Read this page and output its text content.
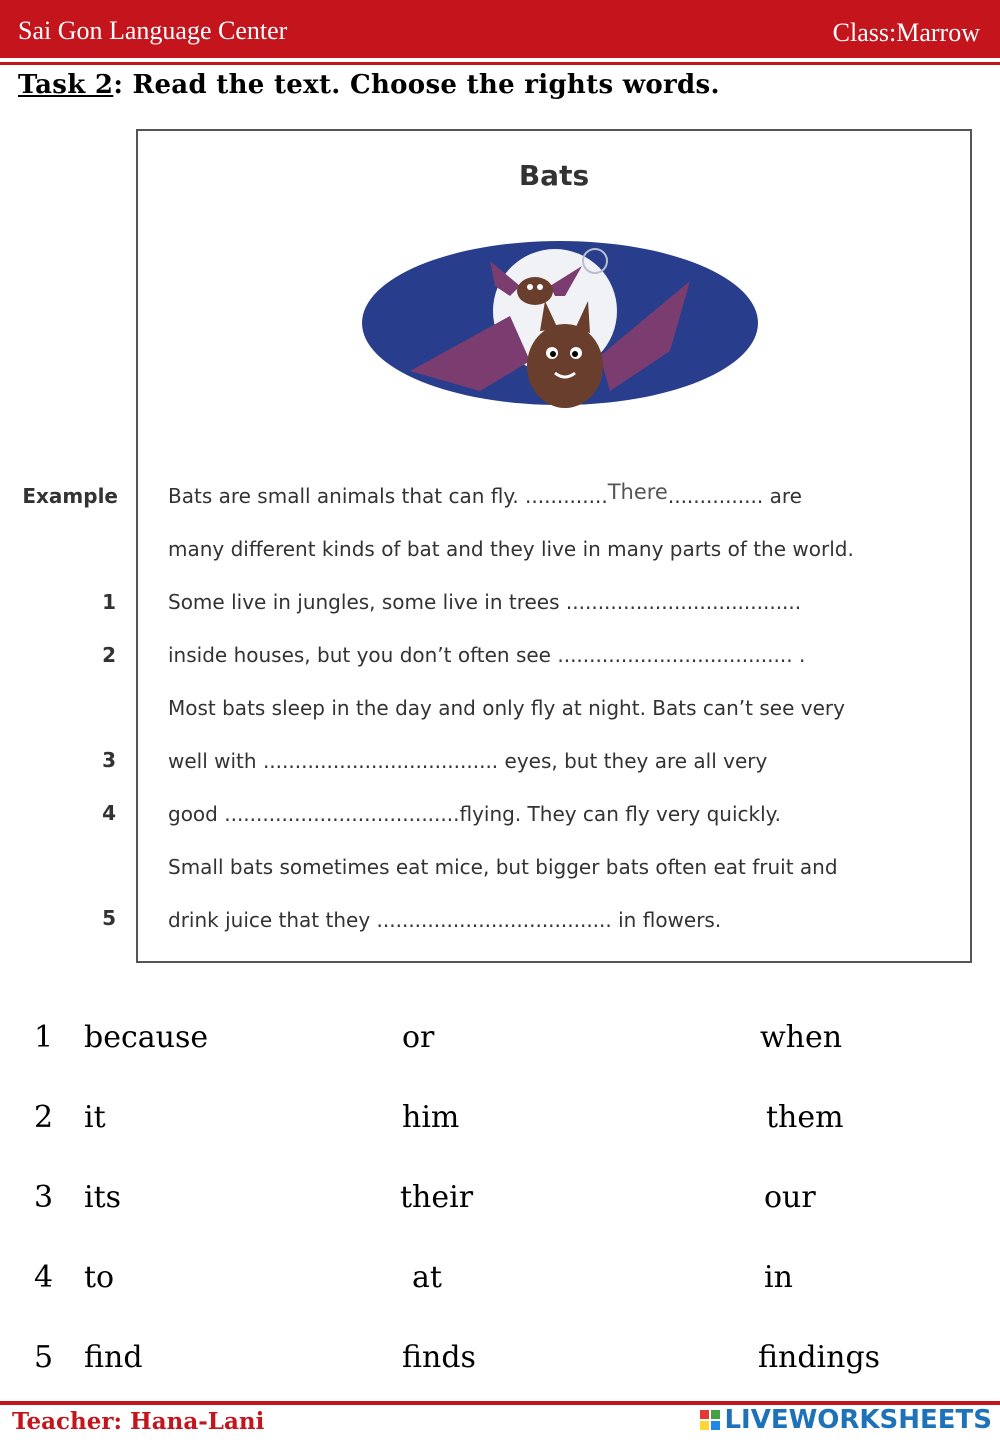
Sai Gon Language Center	Class:Marrow
Task 2: Read the text. Choose the rights words.
Example
1
2
3
4
5
Bats
Bats are small animals that can fly. .............There............... are
many different kinds of bat and they live in many parts of the world.
Some live in jungles, some live in trees .....................................
inside houses, but you don’t often see ..................................... .
Most bats sleep in the day and only fly at night. Bats can’t see very
well with ..................................... eyes, but they are all very
good .....................................flying. They can fly very quickly.
Small bats sometimes eat mice, but bigger bats often eat fruit and
drink juice that they ..................................... in flowers.
1 because	or	when
2 it	him	them
3 its	their	our
4 to	at	in
5 find	finds	findings
Teacher: Hana-Lani	LIVEWORKSHEETS
